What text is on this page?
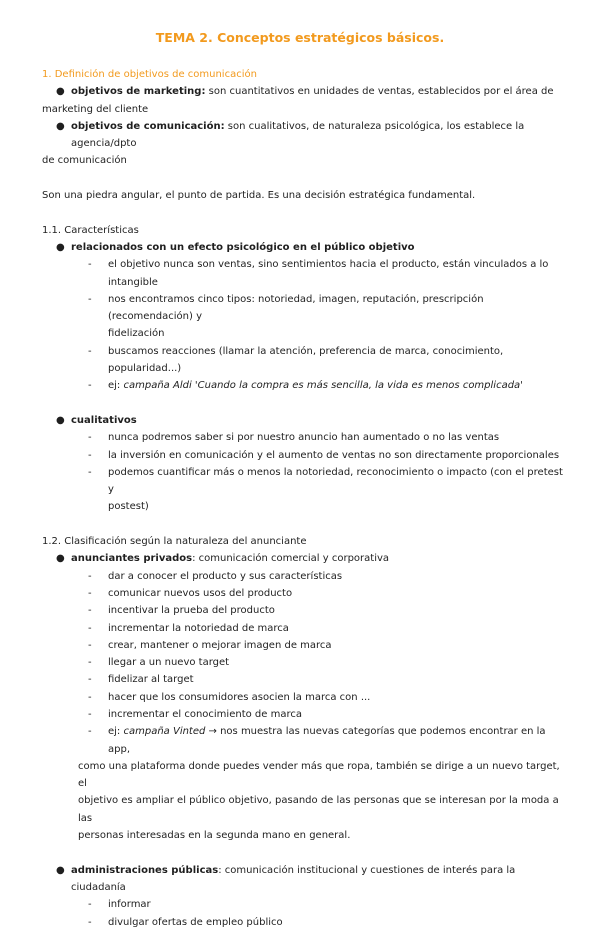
TEMA 2. Conceptos estratégicos básicos.
1. Definición de objetivos de comunicación
● objetivos de marketing: son cuantitativos en unidades de ventas, establecidos por el área de
marketing del cliente
● objetivos de comunicación: son cualitativos, de naturaleza psicológica, los establece la agencia/dpto
de comunicación
Son una piedra angular, el punto de partida. Es una decisión estratégica fundamental.
1.1. Características
● relacionados con un efecto psicológico en el público objetivo
- el objetivo nunca son ventas, sino sentimientos hacia el producto, están vinculados a lo
intangible
- nos encontramos cinco tipos: notoriedad, imagen, reputación, prescripción (recomendación) y
fidelización
- buscamos reacciones (llamar la atención, preferencia de marca, conocimiento, popularidad...)
- ej: campaña Aldi 'Cuando la compra es más sencilla, la vida es menos complicada'
● cualitativos
- nunca podremos saber si por nuestro anuncio han aumentado o no las ventas
- la inversión en comunicación y el aumento de ventas no son directamente proporcionales
- podemos cuantificar más o menos la notoriedad, reconocimiento o impacto (con el pretest y
postest)
1.2. Clasificación según la naturaleza del anunciante
● anunciantes privados: comunicación comercial y corporativa
- dar a conocer el producto y sus características
- comunicar nuevos usos del producto
- incentivar la prueba del producto
- incrementar la notoriedad de marca
- crear, mantener o mejorar imagen de marca
- llegar a un nuevo target
- fidelizar al target
- hacer que los consumidores asocien la marca con ...
- incrementar el conocimiento de marca
- ej: campaña Vinted → nos muestra las nuevas categorías que podemos encontrar en la app,
como una plataforma donde puedes vender más que ropa, también se dirige a un nuevo target, el
objetivo es ampliar el público objetivo, pasando de las personas que se interesan por la moda a las
personas interesadas en la segunda mano en general.
● administraciones públicas: comunicación institucional y cuestiones de interés para la ciudadanía
- informar
- divulgar ofertas de empleo público
